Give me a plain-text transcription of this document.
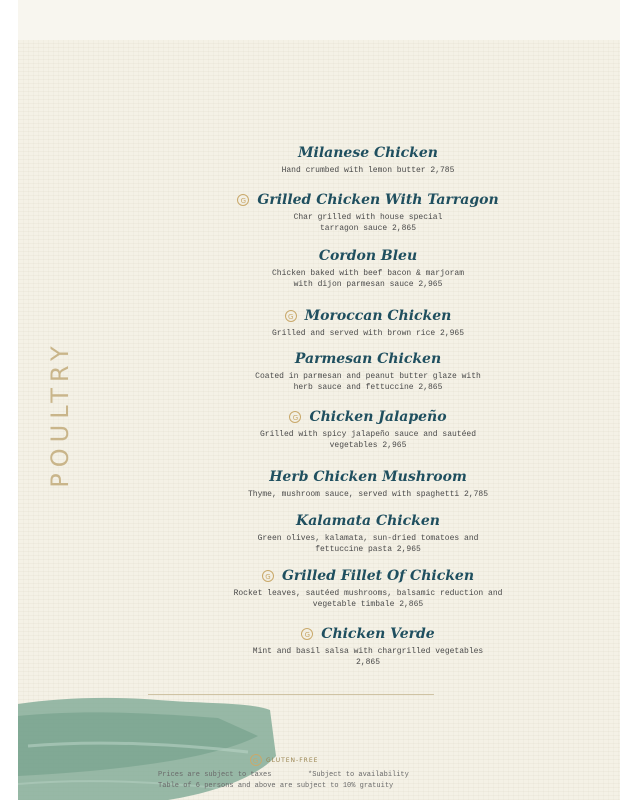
POULTRY
Milanese Chicken
Hand crumbed with lemon butter 2,785
G Grilled Chicken With Tarragon
Char grilled with house special
tarragon sauce 2,865
Cordon Bleu
Chicken baked with beef bacon & marjoram
with dijon parmesan sauce 2,965
G Moroccan Chicken
Grilled and served with brown rice 2,965
Parmesan Chicken
Coated in parmesan and peanut butter glaze with
herb sauce and fettuccine 2,865
G Chicken Jalapeño
Grilled with spicy jalapeño sauce and sautéed
vegetables 2,965
Herb Chicken Mushroom
Thyme, mushroom sauce, served with spaghetti 2,785
Kalamata Chicken
Green olives, kalamata, sun-dried tomatoes and
fettuccine pasta 2,965
G Grilled Fillet Of Chicken
Rocket leaves, sautéed mushrooms, balsamic reduction and
vegetable timbale 2,865
G Chicken Verde
Mint and basil salsa with chargrilled vegetables
2,865
G	GLUTEN-FREE
Prices are subject to taxes	*Subject to availability
Table of 6 persons and above are subject to 10% gratuity
